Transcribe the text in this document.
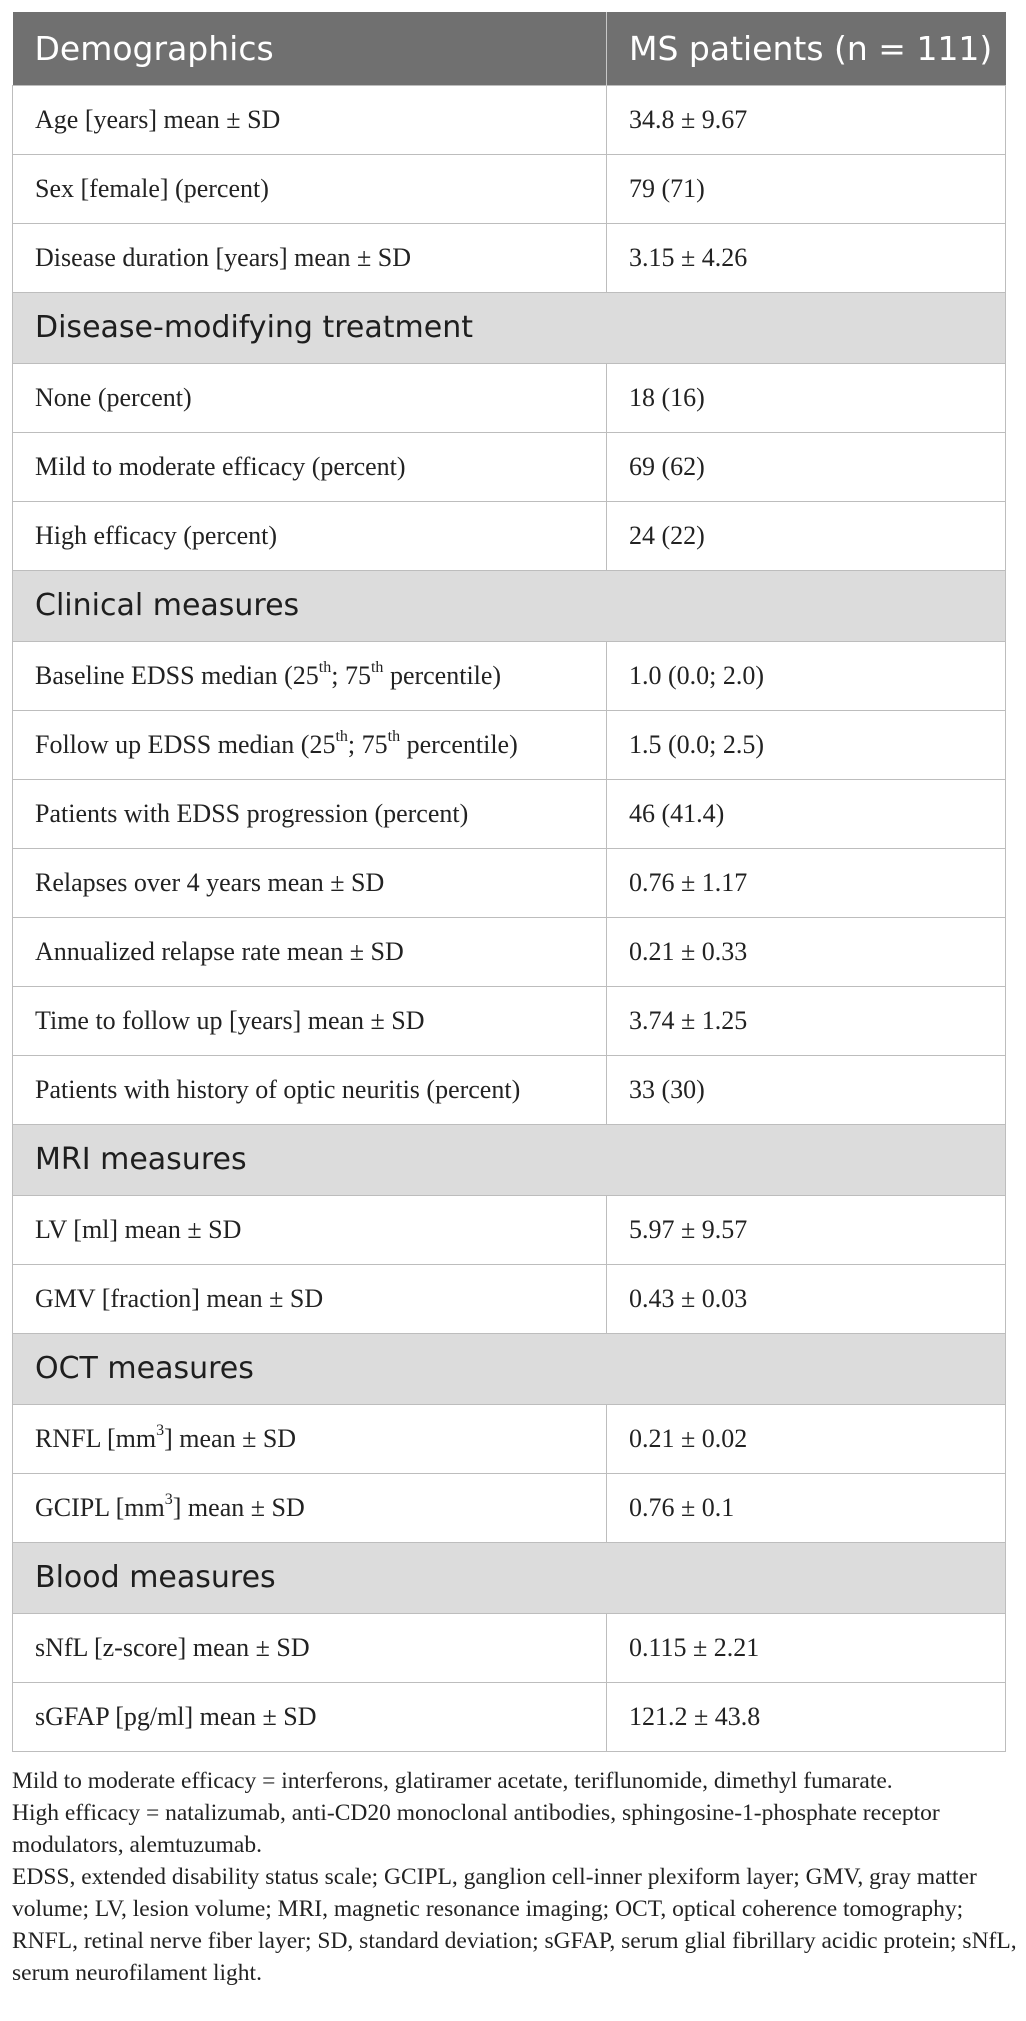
Demographics	MS patients (n = 111)
Age [years] mean ± SD	34.8 ± 9.67
Sex [female] (percent)	79 (71)
Disease duration [years] mean ± SD	3.15 ± 4.26
Disease-modifying treatment	
None (percent)	18 (16)
Mild to moderate efficacy (percent)	69 (62)
High efficacy (percent)	24 (22)
Clinical measures	
Baseline EDSS median (25th; 75th percentile)	1.0 (0.0; 2.0)
Follow up EDSS median (25th; 75th percentile)	1.5 (0.0; 2.5)
Patients with EDSS progression (percent)	46 (41.4)
Relapses over 4 years mean ± SD	0.76 ± 1.17
Annualized relapse rate mean ± SD	0.21 ± 0.33
Time to follow up [years] mean ± SD	3.74 ± 1.25
Patients with history of optic neuritis (percent)	33 (30)
MRI measures	
LV [ml] mean ± SD	5.97 ± 9.57
GMV [fraction] mean ± SD	0.43 ± 0.03
OCT measures	
RNFL $[mm^3]$ mean ± SD	0.21 ± 0.02
GCIPL $[mm^3]$ mean ± SD	0.76 ± 0.1
Blood measures	
sNfL [z-score] mean ± SD	0.115 ± 2.21
sGFAP [pg/ml] mean ± SD	121.2 ± 43.8

Mild to moderate efficacy = interferons, glatiramer acetate, teriflunomide, dimethyl fumarate.

High efficacy = natalizumab, anti-CD20 monoclonal antibodies, sphingosine-1-phosphate receptor modulators, alemtuzumab.

EDSS, extended disability status scale; GCIPL, ganglion cell-inner plexiform layer; GMV, gray matter volume; LV, lesion volume; MRI, magnetic resonance imaging; OCT, optical coherence tomography; RNFL, retinal nerve fiber layer; SD, standard deviation; sGFAP, serum glial fibrillary acidic protein; sNfL, serum neurofilament light.
